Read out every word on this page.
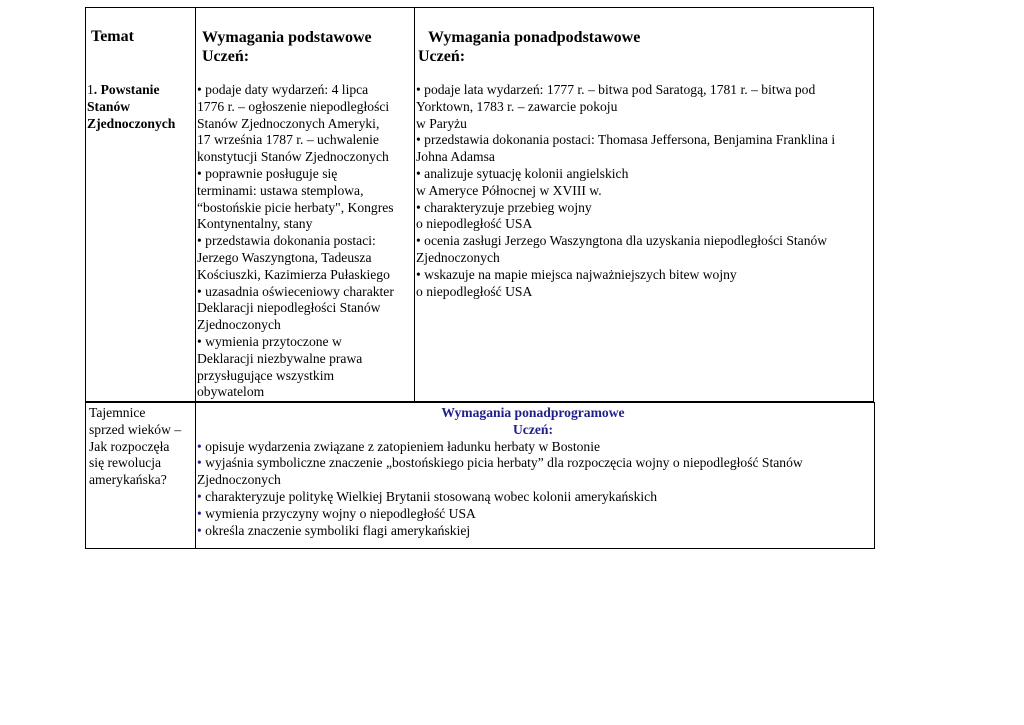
Temat	Wymagania podstawowe
Uczeń:
Wymagania ponadpodstawowe
Uczeń:
1. Powstanie
Stanów
Zjednoczonych
• podaje daty wydarzeń: 4 lipca
1776 r. – ogłoszenie niepodległości
Stanów Zjednoczonych Ameryki,
17 września 1787 r. – uchwalenie
konstytucji Stanów Zjednoczonych
• poprawnie posługuje się
terminami: ustawa stemplowa,
“bostońskie picie herbaty", Kongres
Kontynentalny, stany
• przedstawia dokonania postaci:
Jerzego Waszyngtona, Tadeusza
Kościuszki, Kazimierza Pułaskiego
• uzasadnia oświeceniowy charakter
Deklaracji niepodległości Stanów
Zjednoczonych
• wymienia przytoczone w
Deklaracji niezbywalne prawa
przysługujące wszystkim
obywatelom
• podaje lata wydarzeń: 1777 r. – bitwa pod Saratogą, 1781 r. – bitwa pod
Yorktown, 1783 r. – zawarcie pokoju
w Paryżu
• przedstawia dokonania postaci: Thomasa Jeffersona, Benjamina Franklina i
Johna Adamsa
• analizuje sytuację kolonii angielskich
w Ameryce Północnej w XVIII w.
• charakteryzuje przebieg wojny
o niepodległość USA
• ocenia zasługi Jerzego Waszyngtona dla uzyskania niepodległości Stanów
Zjednoczonych
• wskazuje na mapie miejsca najważniejszych bitew wojny
o niepodległość USA
Tajemnice
sprzed wieków –
Jak rozpoczęła
się rewolucja
amerykańska?
Wymagania ponadprogramowe
Uczeń:
• opisuje wydarzenia związane z zatopieniem ładunku herbaty w Bostonie
• wyjaśnia symboliczne znaczenie „bostońskiego picia herbaty” dla rozpoczęcia wojny o niepodległość Stanów
Zjednoczonych
• charakteryzuje politykę Wielkiej Brytanii stosowaną wobec kolonii amerykańskich
• wymienia przyczyny wojny o niepodległość USA
• określa znaczenie symboliki flagi amerykańskiej
